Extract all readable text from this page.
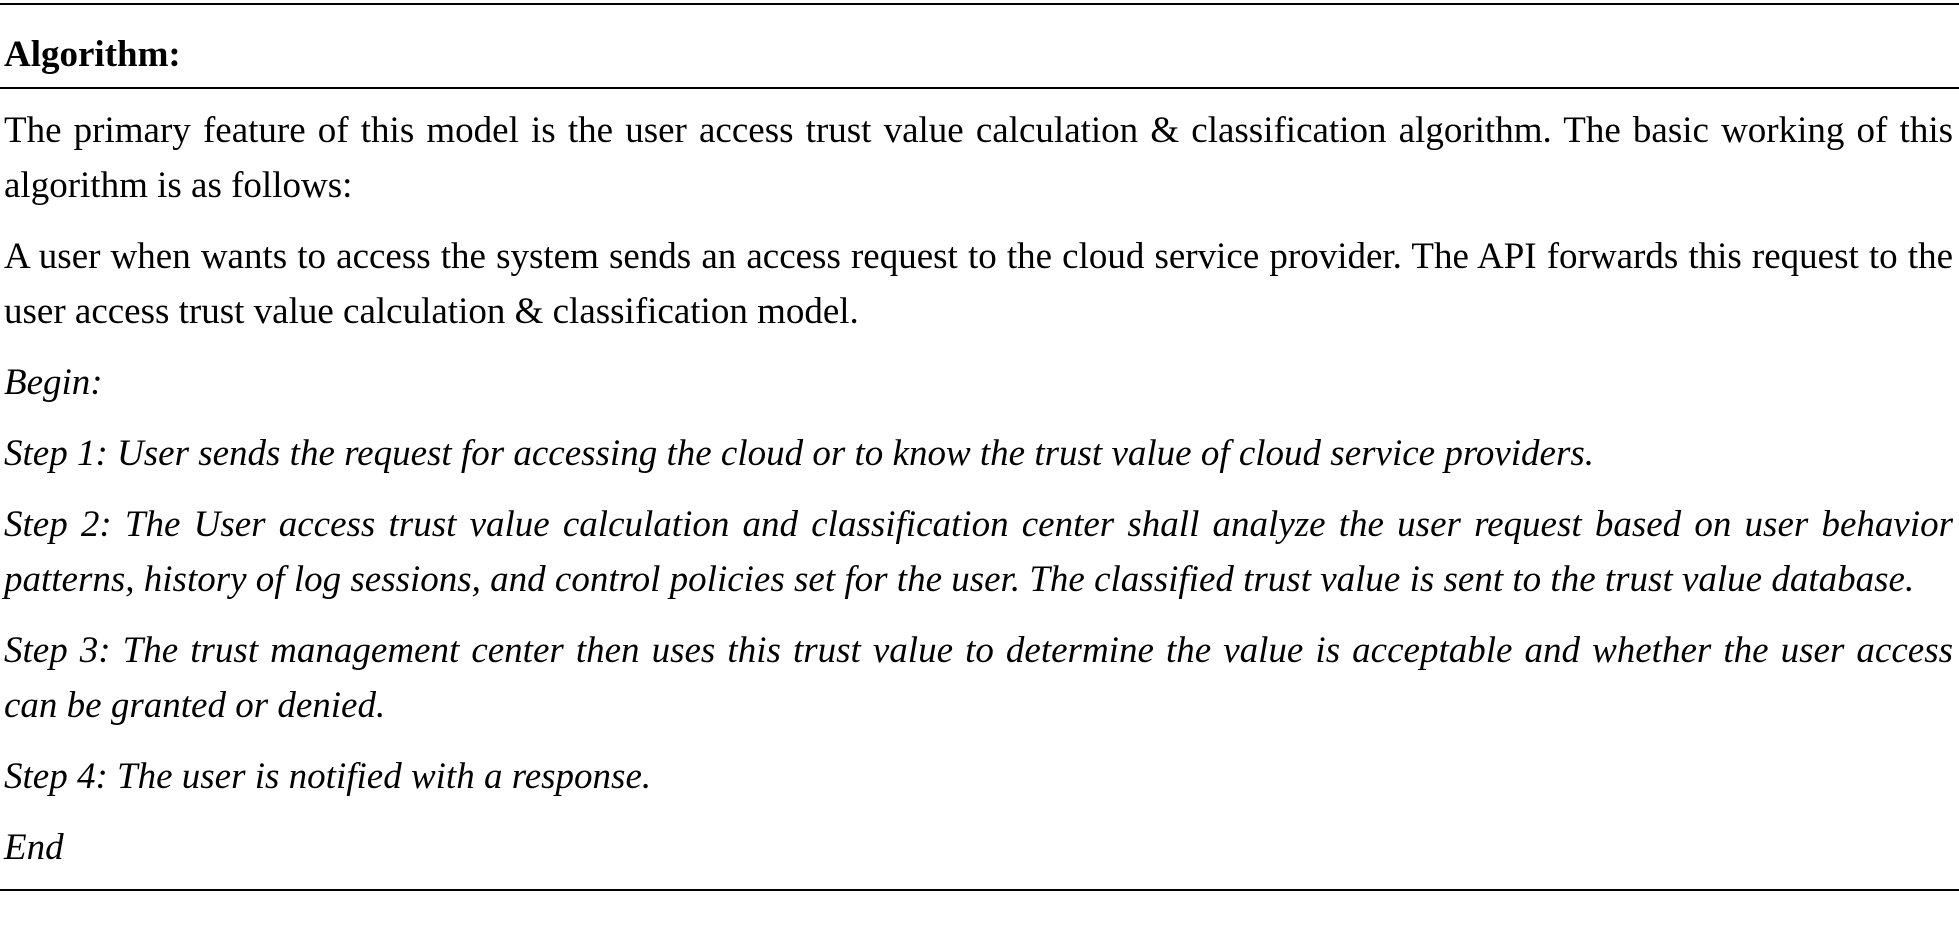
Algorithm:

The primary feature of this model is the user access trust value calculation & classification algorithm. The basic working of this algorithm is as follows:

A user when wants to access the system sends an access request to the cloud service provider. The API forwards this request to the user access trust value calculation & classification model.

Begin:

Step 1: User sends the request for accessing the cloud or to know the trust value of cloud service providers.

Step 2: The User access trust value calculation and classification center shall analyze the user request based on user behavior patterns, history of log sessions, and control policies set for the user. The classified trust value is sent to the trust value database.

Step 3: The trust management center then uses this trust value to determine the value is acceptable and whether the user access can be granted or denied.

Step 4: The user is notified with a response.

End
